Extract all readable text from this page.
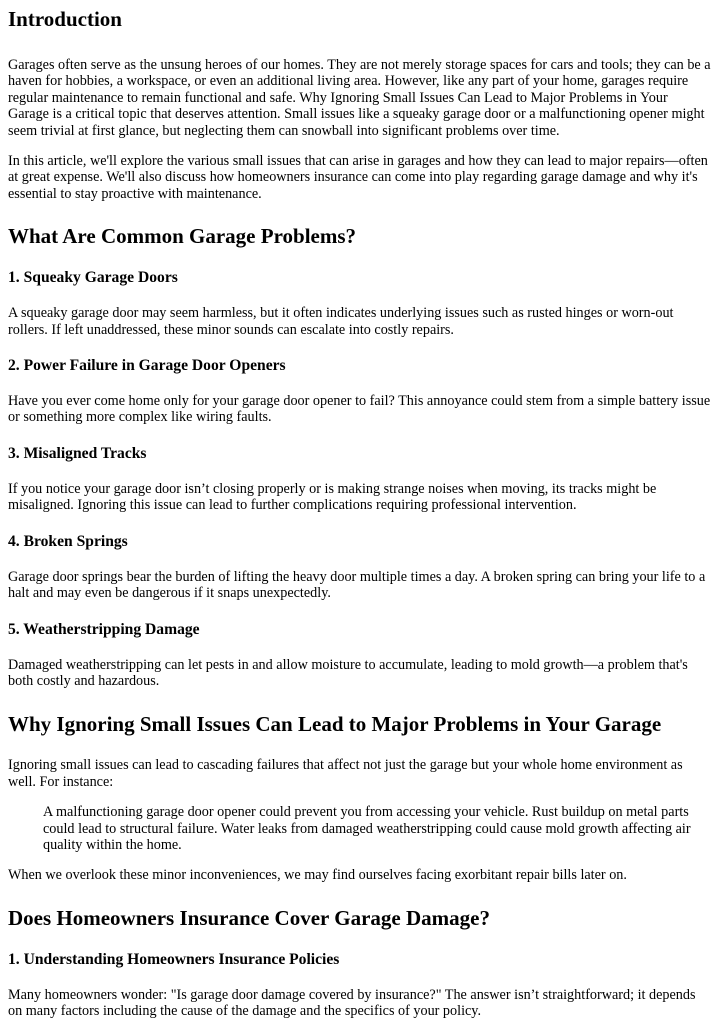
Introduction

Garages often serve as the unsung heroes of our homes. They are not merely storage spaces for cars and tools; they can be a haven for hobbies, a workspace, or even an additional living area. However, like any part of your home, garages require regular maintenance to remain functional and safe. Why Ignoring Small Issues Can Lead to Major Problems in Your Garage is a critical topic that deserves attention. Small issues like a squeaky garage door or a malfunctioning opener might seem trivial at first glance, but neglecting them can snowball into significant problems over time.

In this article, we'll explore the various small issues that can arise in garages and how they can lead to major repairs—often at great expense. We'll also discuss how homeowners insurance can come into play regarding garage damage and why it's essential to stay proactive with maintenance.

What Are Common Garage Problems?
1. Squeaky Garage Doors

A squeaky garage door may seem harmless, but it often indicates underlying issues such as rusted hinges or worn-out rollers. If left unaddressed, these minor sounds can escalate into costly repairs.

2. Power Failure in Garage Door Openers

Have you ever come home only for your garage door opener to fail? This annoyance could stem from a simple battery issue or something more complex like wiring faults.

3. Misaligned Tracks

If you notice your garage door isn’t closing properly or is making strange noises when moving, its tracks might be misaligned. Ignoring this issue can lead to further complications requiring professional intervention.

4. Broken Springs

Garage door springs bear the burden of lifting the heavy door multiple times a day. A broken spring can bring your life to a halt and may even be dangerous if it snaps unexpectedly.

5. Weatherstripping Damage

Damaged weatherstripping can let pests in and allow moisture to accumulate, leading to mold growth—a problem that's both costly and hazardous.

Why Ignoring Small Issues Can Lead to Major Problems in Your Garage

Ignoring small issues can lead to cascading failures that affect not just the garage but your whole home environment as well. For instance:

A malfunctioning garage door opener could prevent you from accessing your vehicle. Rust buildup on metal parts could lead to structural failure. Water leaks from damaged weatherstripping could cause mold growth affecting air quality within the home.

When we overlook these minor inconveniences, we may find ourselves facing exorbitant repair bills later on.

Does Homeowners Insurance Cover Garage Damage?
1. Understanding Homeowners Insurance Policies

Many homeowners wonder: "Is garage door damage covered by insurance?" The answer isn’t straightforward; it depends on many factors including the cause of the damage and the specifics of your policy.
